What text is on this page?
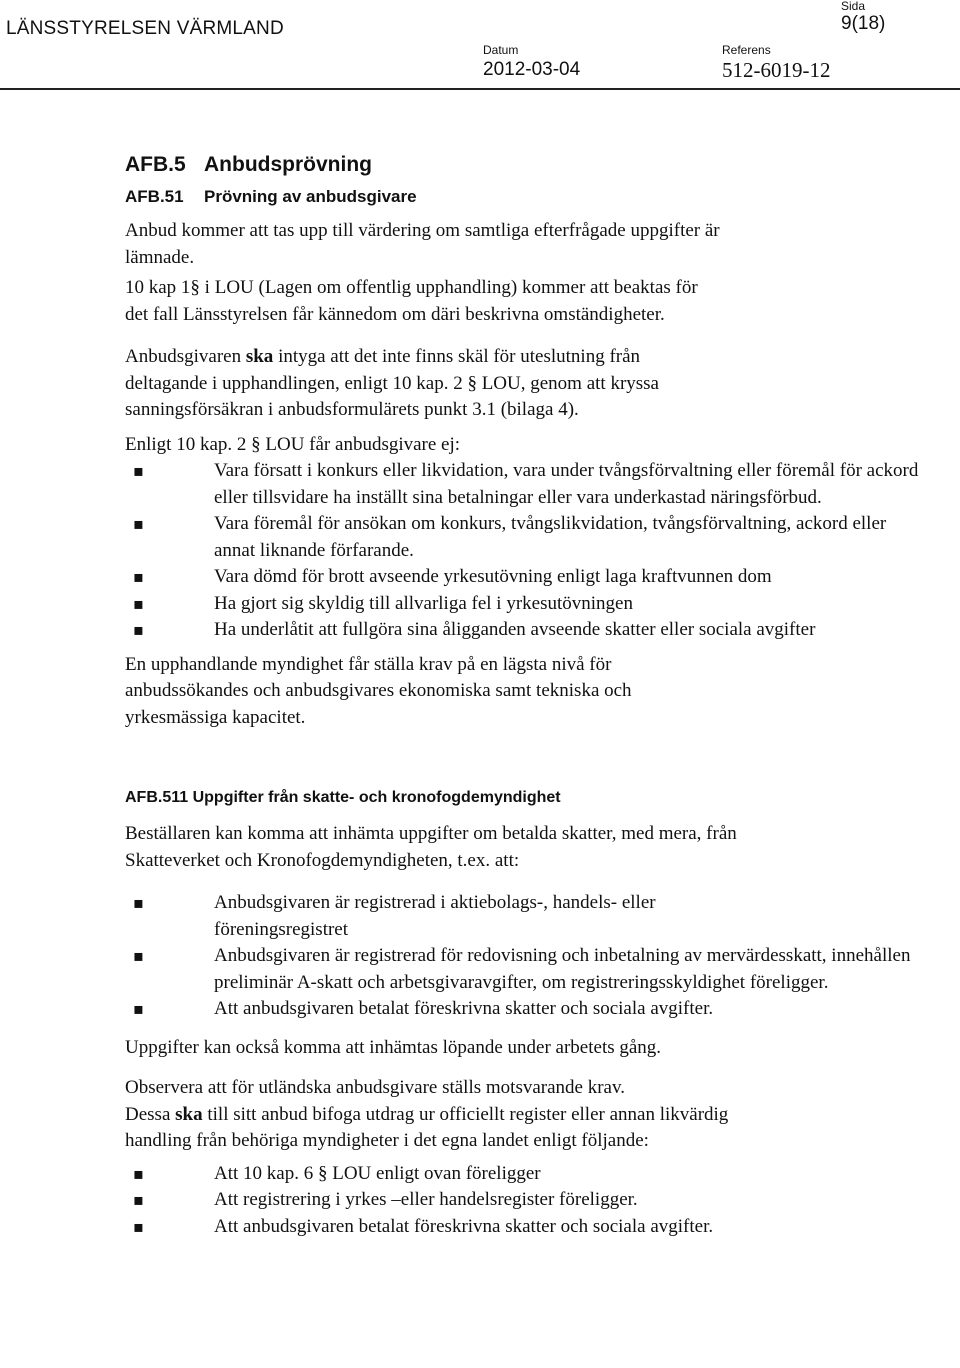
LÄNSSTYRELSEN VÄRMLAND
Sida
9(18)
Datum	Referens
2012-03-04	512-6019-12
AFB.5 Anbudsprövning
AFB.51 Prövning av anbudsgivare

Anbud kommer att tas upp till värdering om samtliga efterfrågade uppgifter är lämnade.

10 kap 1§ i LOU (Lagen om offentlig upphandling) kommer att beaktas för det fall Länsstyrelsen får kännedom om däri beskrivna omständigheter.

Anbudsgivaren ska intyga att det inte finns skäl för uteslutning från deltagande i upphandlingen, enligt 10 kap. 2 § LOU, genom att kryssa sanningsförsäkran i anbudsformulärets punkt 3.1 (bilaga 4).

Enligt 10 kap. 2 § LOU får anbudsgivare ej:

▪ Vara försatt i konkurs eller likvidation, vara under tvångsförvaltning eller föremål för ackord eller tillsvidare ha inställt sina betalningar eller vara underkastad näringsförbud.
▪ Vara föremål för ansökan om konkurs, tvångslikvidation, tvångsförvaltning, ackord eller annat liknande förfarande.
▪ Vara dömd för brott avseende yrkesutövning enligt laga kraftvunnen dom
▪ Ha gjort sig skyldig till allvarliga fel i yrkesutövningen
▪ Ha underlåtit att fullgöra sina åligganden avseende skatter eller sociala avgifter

En upphandlande myndighet får ställa krav på en lägsta nivå för anbudssökandes och anbudsgivares ekonomiska samt tekniska och yrkesmässiga kapacitet.

AFB.511 Uppgifter från skatte- och kronofogdemyndighet

Beställaren kan komma att inhämta uppgifter om betalda skatter, med mera, från Skatteverket och Kronofogdemyndigheten, t.ex. att:

▪ Anbudsgivaren är registrerad i aktiebolags-, handels- eller föreningsregistret
▪ Anbudsgivaren är registrerad för redovisning och inbetalning av mervärdesskatt, innehållen preliminär A-skatt och arbetsgivaravgifter, om registreringsskyldighet föreligger.
▪ Att anbudsgivaren betalat föreskrivna skatter och sociala avgifter.

Uppgifter kan också komma att inhämtas löpande under arbetets gång.

Observera att för utländska anbudsgivare ställs motsvarande krav.

Dessa ska till sitt anbud bifoga utdrag ur officiellt register eller annan likvärdig handling från behöriga myndigheter i det egna landet enligt följande:

▪ Att 10 kap. 6 § LOU enligt ovan föreligger
▪ Att registrering i yrkes –eller handelsregister föreligger.
▪ Att anbudsgivaren betalat föreskrivna skatter och sociala avgifter.
